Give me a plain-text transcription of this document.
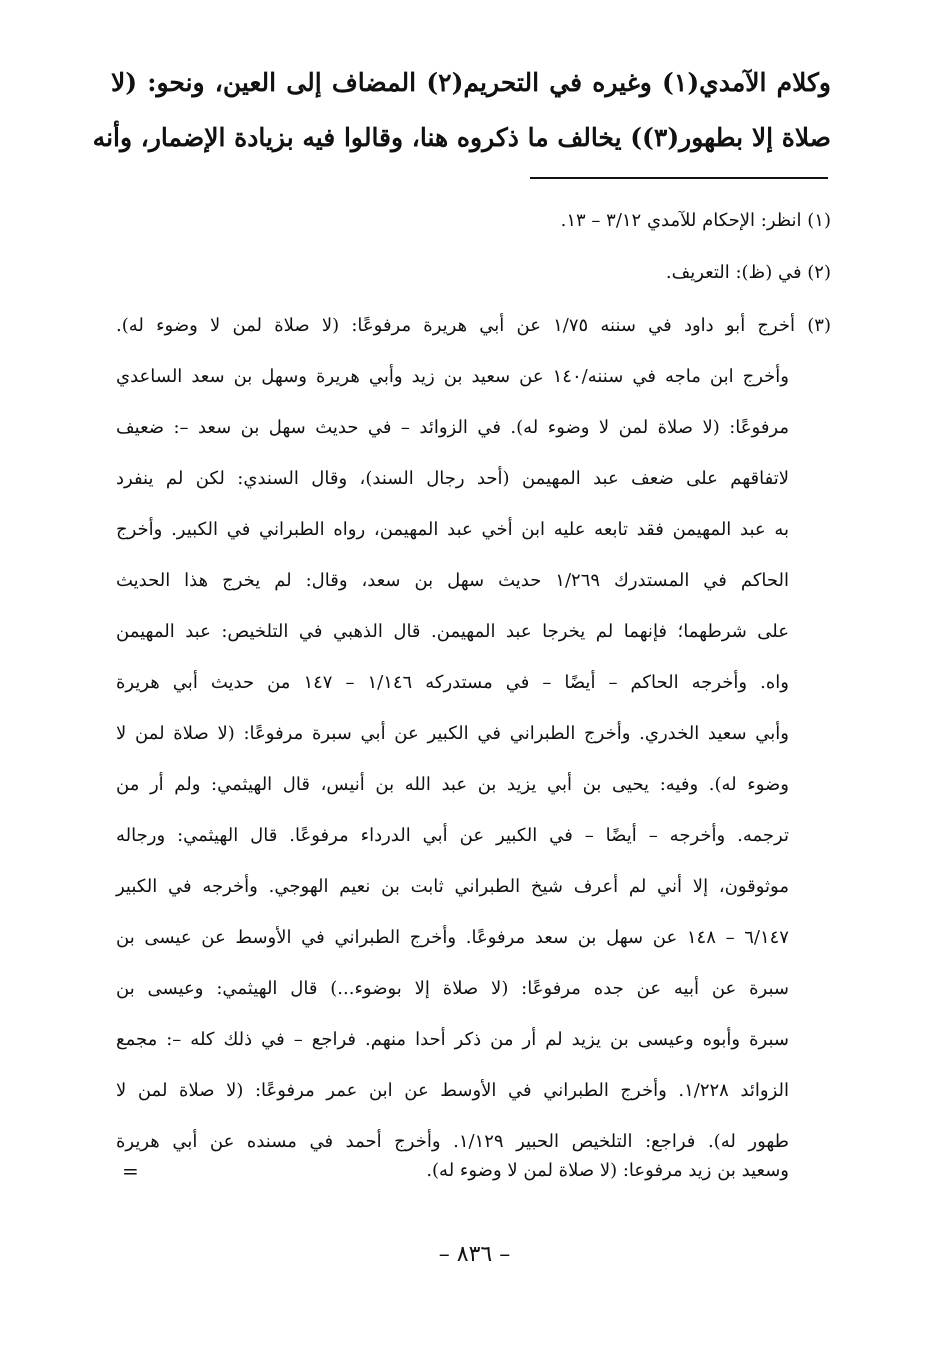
وكلام الآمدي(١) وغيره في التحريم(٢) المضاف إلى العين، ونحو: (لا
صلاة إلا بطهور(٣)) يخالف ما ذكروه هنا، وقالوا فيه بزيادة الإضمار، وأنه
(١) انظر: الإحكام للآمدي ٣/١٢ – ١٣.
(٢) في (ظ): التعريف.
(٣) أخرج أبو داود في سننه ١/٧٥ عن أبي هريرة مرفوعًا: (لا صلاة لمن لا وضوء له).
وأخرج ابن ماجه في سننه/١٤٠ عن سعيد بن زيد وأبي هريرة وسهل بن سعد الساعدي
مرفوعًا: (لا صلاة لمن لا وضوء له). في الزوائد – في حديث سهل بن سعد –: ضعيف
لاتفاقهم على ضعف عبد المهيمن (أحد رجال السند)، وقال السندي: لكن لم ينفرد
به عبد المهيمن فقد تابعه عليه ابن أخي عبد المهيمن، رواه الطبراني في الكبير. وأخرج
الحاكم في المستدرك ١/٢٦٩ حديث سهل بن سعد، وقال: لم يخرج هذا الحديث
على شرطهما؛ فإنهما لم يخرجا عبد المهيمن. قال الذهبي في التلخيص: عبد المهيمن
واه. وأخرجه الحاكم – أيضًا – في مستدركه ١/١٤٦ – ١٤٧ من حديث أبي هريرة
وأبي سعيد الخدري. وأخرج الطبراني في الكبير عن أبي سبرة مرفوعًا: (لا صلاة لمن لا
وضوء له). وفيه: يحيى بن أبي يزيد بن عبد الله بن أنيس، قال الهيثمي: ولم أر من
ترجمه. وأخرجه – أيضًا – في الكبير عن أبي الدرداء مرفوعًا. قال الهيثمي: ورجاله
موثوقون، إلا أني لم أعرف شيخ الطبراني ثابت بن نعيم الهوجي. وأخرجه في الكبير
٦/١٤٧ – ١٤٨ عن سهل بن سعد مرفوعًا. وأخرج الطبراني في الأوسط عن عيسى بن
سبرة عن أبيه عن جده مرفوعًا: (لا صلاة إلا بوضوء...) قال الهيثمي: وعيسى بن
سبرة وأبوه وعيسى بن يزيد لم أر من ذكر أحدا منهم. فراجع – في ذلك كله –: مجمع
الزوائد ١/٢٢٨. وأخرج الطبراني في الأوسط عن ابن عمر مرفوعًا: (لا صلاة لمن لا
طهور له). فراجع: التلخيص الحبير ١/١٢٩. وأخرج أحمد في مسنده عن أبي هريرة
وسعيد بن زيد مرفوعا: (لا صلاة لمن لا وضوء له).
=
– ٨٣٦ –
